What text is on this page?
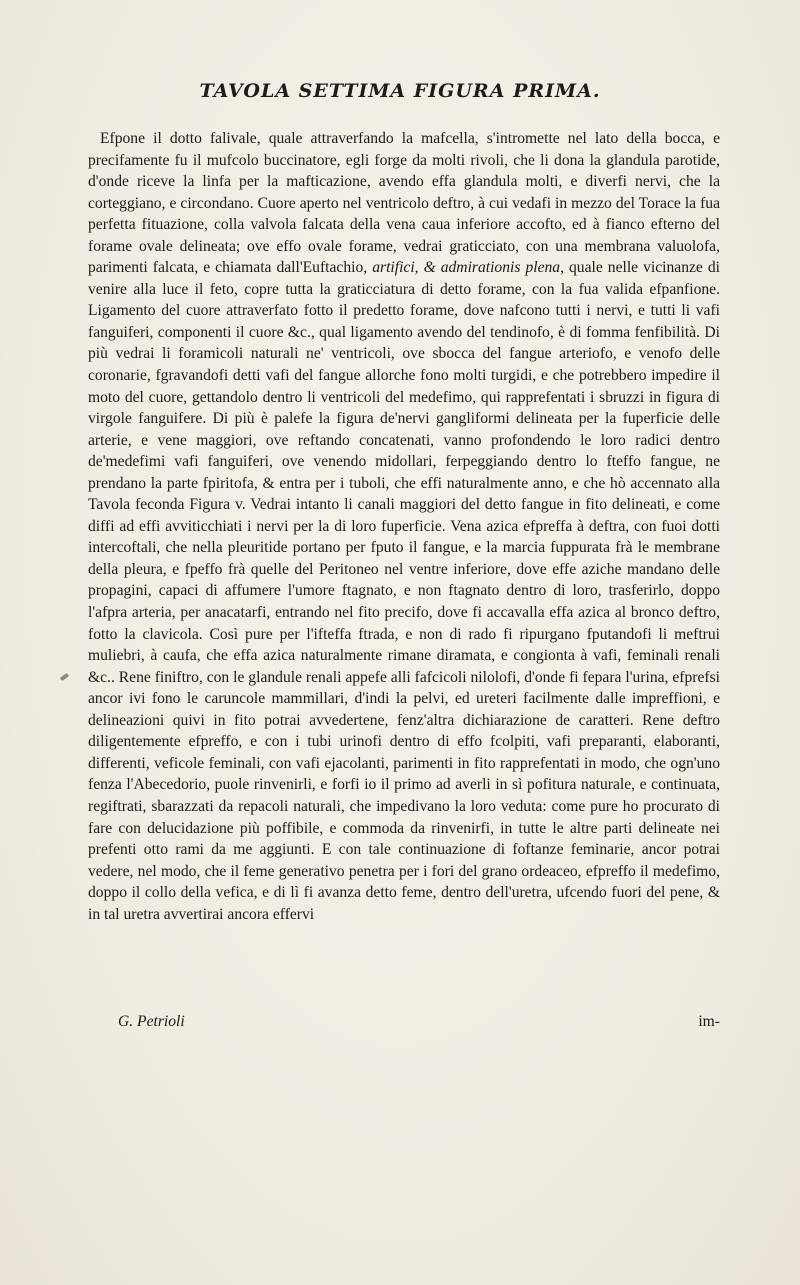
TAVOLA SETTIMA FIGURA PRIMA.
Efpone il dotto falivale, quale attraverfando la mafcella, s'intromette nel lato della bocca, e precifamente fu il mufcolo buccinatore, egli forge da molti rivoli, che li dona la glandula parotide, d'onde riceve la linfa per la mafticazione, avendo effa glandula molti, e diverfi nervi, che la corteggiano, e circondano. Cuore aperto nel ventricolo deftro, à cui vedafi in mezzo del Torace la fua perfetta fituazione, colla valvola falcata della vena caua inferiore accofto, ed à fianco efterno del forame ovale delineata; ove effo ovale forame, vedrai graticciato, con una membrana valuolofa, parimenti falcata, e chiamata dall'Euftachio, artifici, & admirationis plena, quale nelle vicinanze di venire alla luce il feto, copre tutta la graticciatura di detto forame, con la fua valida efpanfione. Ligamento del cuore attraverfato fotto il predetto forame, dove nafcono tutti i nervi, e tutti li vafi fanguiferi, componenti il cuore &c., qual ligamento avendo del tendinofo, è di fomma fenfibilità. Di più vedrai li foramicoli naturali ne' ventricoli, ove sbocca del fangue arteriofo, e venofo delle coronarie, fgravandofi detti vafi del fangue allorche fono molti turgidi, e che potrebbero impedire il moto del cuore, gettandolo dentro li ventricoli del medefimo, qui rapprefentati i sbruzzi in figura di virgole fanguifere. Di più è palefe la figura de'nervi gangliformi delineata per la fuperficie delle arterie, e vene maggiori, ove reftando concatenati, vanno profondendo le loro radici dentro de'medefimi vafi fanguiferi, ove venendo midollari, ferpeggiando dentro lo fteffo fangue, ne prendano la parte fpiritofa, & entra per i tuboli, che effi naturalmente anno, e che hò accennato alla Tavola feconda Figura v. Vedrai intanto li canali maggiori del detto fangue in fito delineati, e come diffi ad effi avviticchiati i nervi per la di loro fuperficie. Vena azica efpreffa à deftra, con fuoi dotti intercoftali, che nella pleuritide portano per fputo il fangue, e la marcia fuppurata frà le membrane della pleura, e fpeffo frà quelle del Peritoneo nel ventre inferiore, dove effe aziche mandano delle propagini, capaci di affumere l'umore ftagnato, e non ftagnato dentro di loro, trasferirlo, doppo l'afpra arteria, per anacatarfi, entrando nel fito precifo, dove fi accavalla effa azica al bronco deftro, fotto la clavicola. Così pure per l'ifteffa ftrada, e non di rado fi ripurgano fputandofi li meftrui muliebri, à caufa, che effa azica naturalmente rimane diramata, e congionta à vafi, feminali renali &c.. Rene finiftro, con le glandule renali appefe alli fafcicoli nilolofi, d'onde fi fepara l'urina, efprefsi ancor ivi fono le caruncole mammillari, d'indi la pelvi, ed ureteri facilmente dalle impreffioni, e delineazioni quivi in fito potrai avvedertene, fenz'altra dichiarazione de caratteri. Rene deftro diligentemente efpreffo, e con i tubi urinofi dentro di effo fcolpiti, vafi preparanti, elaboranti, differenti, veficole feminali, con vafi ejacolanti, parimenti in fito rapprefentati in modo, che ogn'uno fenza l'Abecedorio, puole rinvenirli, e forfi io il primo ad averli in sì pofitura naturale, e continuata, regiftrati, sbarazzati da repacoli naturali, che impedivano la loro veduta: come pure ho procurato di fare con delucidazione più poffibile, e commoda da rinvenirfi, in tutte le altre parti delineate nei prefenti otto rami da me aggiunti. E con tale continuazione di foftanze feminarie, ancor potrai vedere, nel modo, che il feme generativo penetra per i fori del grano ordeaceo, efpreffo il medefimo, doppo il collo della vefica, e di lì fi avanza detto feme, dentro dell'uretra, ufcendo fuori del pene, & in tal uretra avvertirai ancora effervi
G. Petrioli	im-
